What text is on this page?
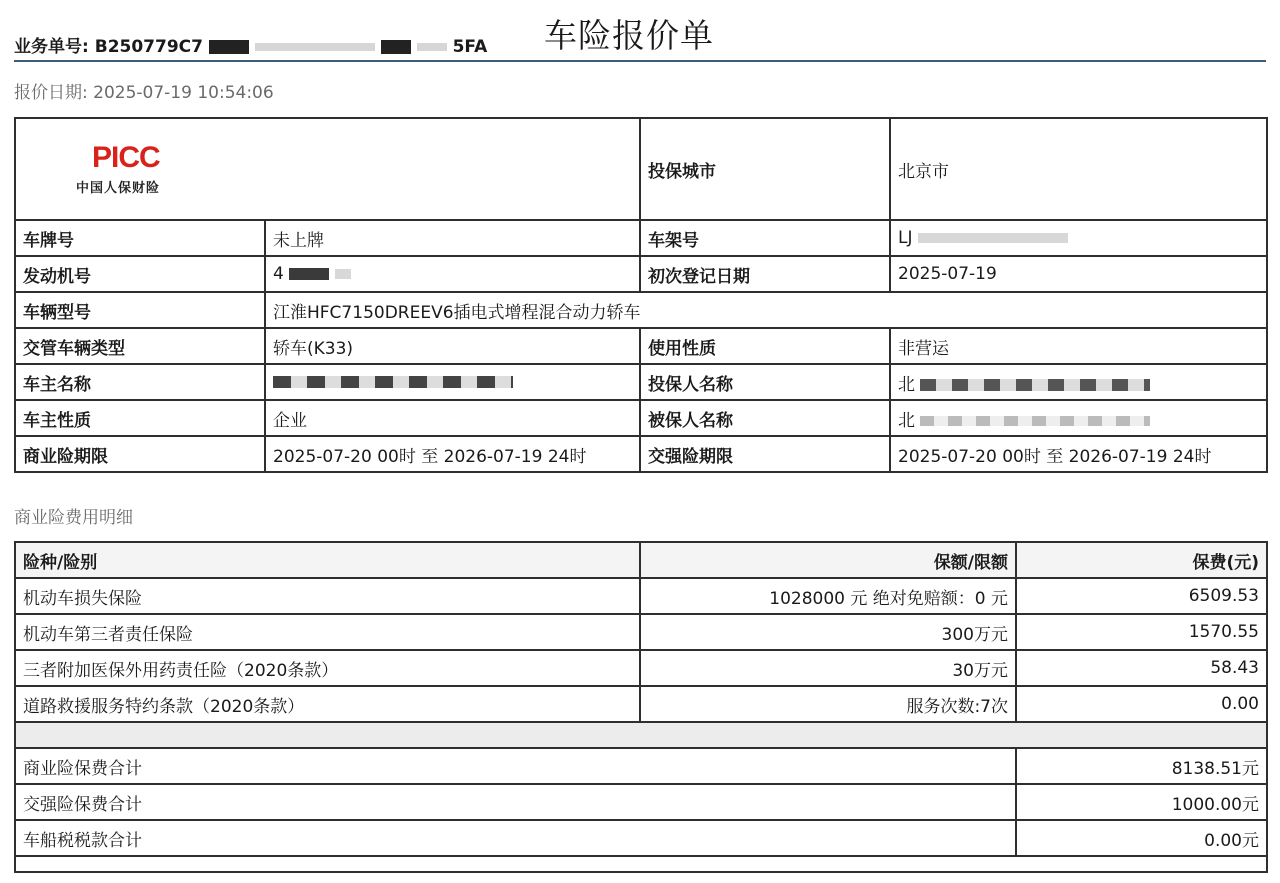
业务单号: B250779C7	5FA 车险报价单
报价日期: 2025-07-19 10:54:06
PICC
中国人保财险		投保城市	北京市
车牌号	未上牌	车架号	LJ
发动机号	4	初次登记日期	2025-07-19
车辆型号	江淮HFC7150DREEV6插电式增程混合动力轿车		
交管车辆类型	轿车(K33)	使用性质	非营运
车主名称		投保人名称	北
车主性质	企业	被保人名称	北
商业险期限	2025-07-20 00时 至 2026-07-19 24时	交强险期限	2025-07-20 00时 至 2026-07-19 24时
商业险费用明细
险种/险别	保额/限额	保费(元)
机动车损失保险	1028000 元 绝对免赔额：0 元	6509.53
机动车第三者责任保险	300万元	1570.55
三者附加医保外用药责任险（2020条款）	30万元	58.43
道路救援服务特约条款（2020条款）	服务次数:7次	0.00

商业险保费合计		8138.51元
交强险保费合计		1000.00元
车船税税款合计		0.00元
